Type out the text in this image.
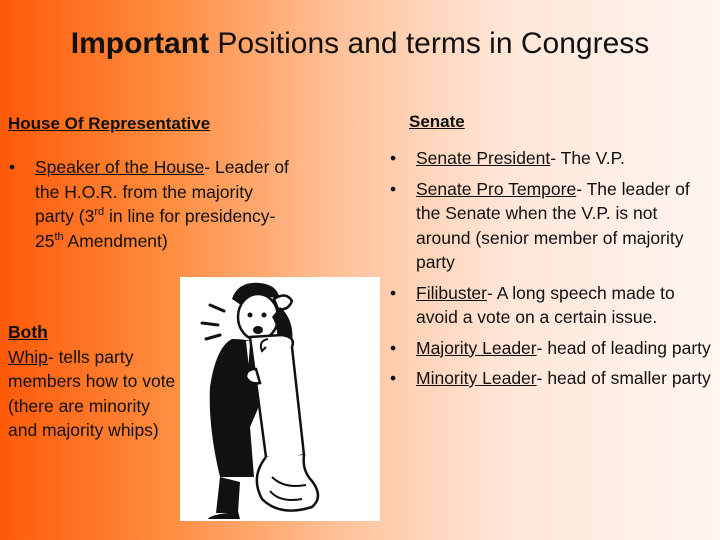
Important Positions and terms in Congress
House Of Representative
• Speaker of the House- Leader of the H.O.R. from the majority party (3rd in line for presidency- 25th Amendment)
Both
Whip- tells party members how to vote (there are minority and majority whips)
Senate
• Senate President- The V.P.
• Senate Pro Tempore- The leader of the Senate when the V.P. is not around (senior member of majority party
• Filibuster- A long speech made to avoid a vote on a certain issue.
• Majority Leader- head of leading party
• Minority Leader- head of smaller party
